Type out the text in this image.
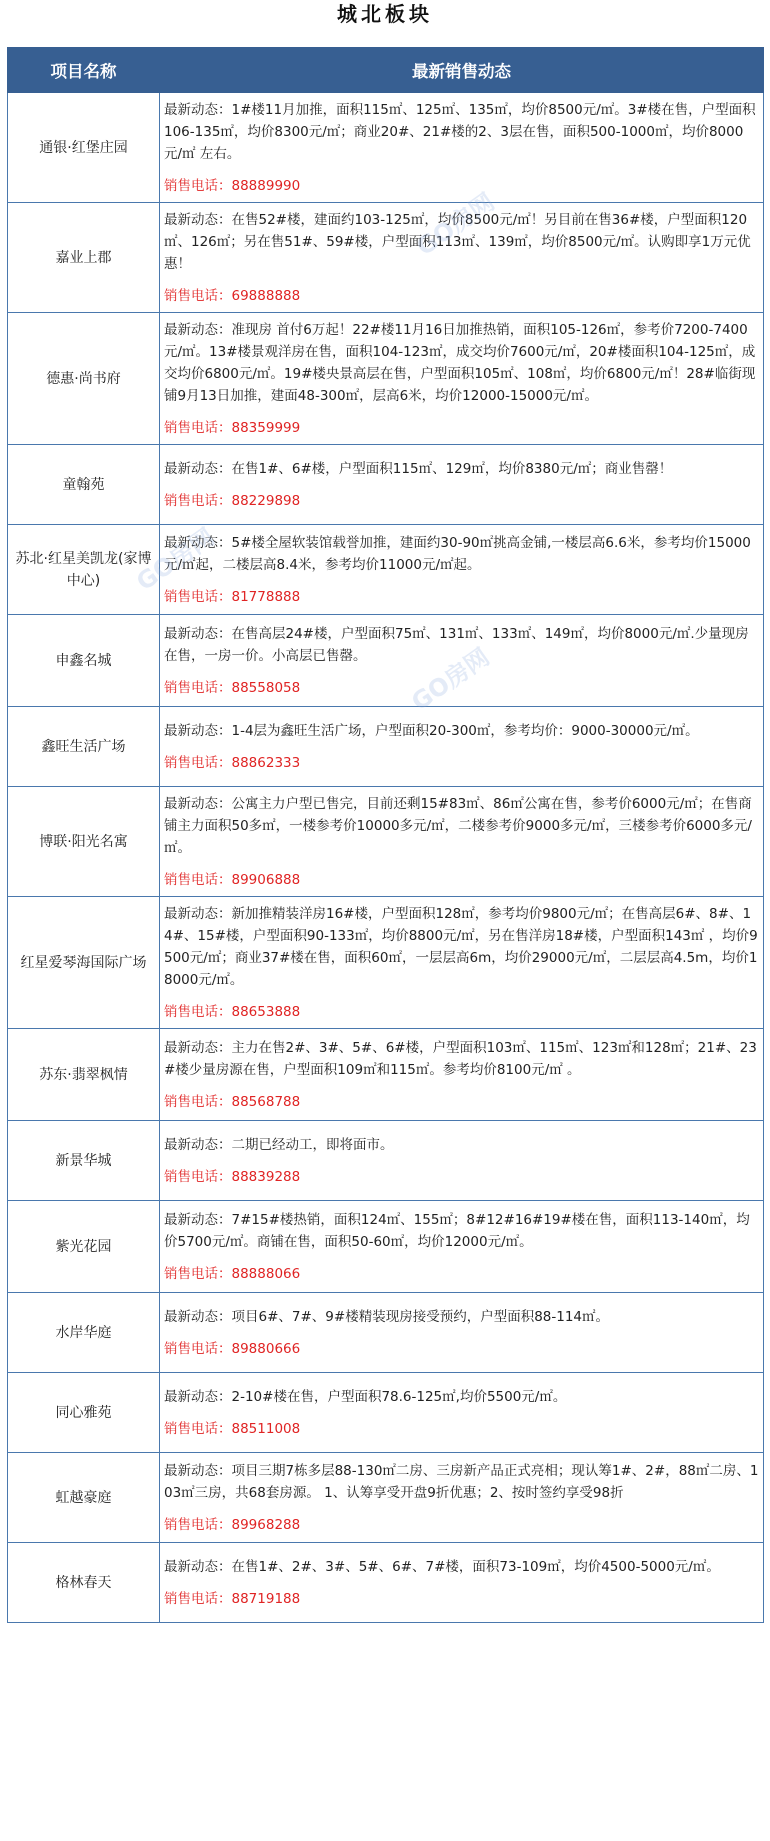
城北板块
项目名称	最新销售动态
通银·红堡庄园	最新动态：1#楼11月加推，面积115㎡、125㎡、135㎡，均价8500元/㎡。3#楼在售，户型面积106-135㎡，均价8300元/㎡；商业20#、21#楼的2、3层在售，面积500-1000㎡，均价8000元/㎡ 左右。
销售电话：88889990

嘉业上郡	最新动态：在售52#楼，建面约103-125㎡，均价8500元/㎡！另目前在售36#楼，户型面积120㎡、126㎡；另在售51#、59#楼，户型面积113㎡、139㎡，均价8500元/㎡。认购即享1万元优惠！
销售电话：69888888

德惠·尚书府	最新动态：准现房 首付6万起！22#楼11月16日加推热销，面积105-126㎡，参考价7200-7400元/㎡。13#楼景观洋房在售，面积104-123㎡，成交均价7600元/㎡，20#楼面积104-125㎡，成交均价6800元/㎡。19#楼央景高层在售，户型面积105㎡、108㎡，均价6800元/㎡！28#临街现铺9月13日加推，建面48-300㎡，层高6米，均价12000-15000元/㎡。
销售电话：88359999

童翰苑	最新动态：在售1#、6#楼，户型面积115㎡、129㎡，均价8380元/㎡；商业售罄！
销售电话：88229898

苏北·红星美凯龙(家博中心)	最新动态：5#楼全屋软装馆载誉加推，建面约30-90㎡挑高金铺,一楼层高6.6米，参考均价15000元/㎡起，二楼层高8.4米，参考均价11000元/㎡起。
销售电话：81778888

申鑫名城	最新动态：在售高层24#楼，户型面积75㎡、131㎡、133㎡、149㎡，均价8000元/㎡.少量现房在售，一房一价。小高层已售罄。
销售电话：88558058

鑫旺生活广场	最新动态：1-4层为鑫旺生活广场，户型面积20-300㎡，参考均价：9000-30000元/㎡。
销售电话：88862333

博联·阳光名寓	最新动态：公寓主力户型已售完，目前还剩15#83㎡、86㎡公寓在售，参考价6000元/㎡；在售商铺主力面积50多㎡，一楼参考价10000多元/㎡，二楼参考价9000多元/㎡，三楼参考价6000多元/㎡。
销售电话：89906888

红星爱琴海国际广场	最新动态：新加推精装洋房16#楼，户型面积128㎡，参考均价9800元/㎡；在售高层6#、8#、14#、15#楼，户型面积90-133㎡，均价8800元/㎡，另在售洋房18#楼，户型面积143㎡ ，均价9500元/㎡；商业37#楼在售，面积60㎡，一层层高6m，均价29000元/㎡，二层层高4.5m，均价18000元/㎡。
销售电话：88653888

苏东·翡翠枫情	最新动态：主力在售2#、3#、5#、6#楼，户型面积103㎡、115㎡、123㎡和128㎡；21#、23#楼少量房源在售，户型面积109㎡和115㎡。参考均价8100元/㎡ 。
销售电话：88568788

新景华城	最新动态：二期已经动工，即将面市。
销售电话：88839288

紫光花园	最新动态：7#15#楼热销，面积124㎡、155㎡；8#12#16#19#楼在售，面积113-140㎡，均价5700元/㎡。商铺在售，面积50-60㎡，均价12000元/㎡。
销售电话：88888066

水岸华庭	最新动态：项目6#、7#、9#楼精装现房接受预约，户型面积88-114㎡。
销售电话：89880666

同心雅苑	最新动态：2-10#楼在售，户型面积78.6-125㎡,均价5500元/㎡。
销售电话：88511008

虹越豪庭	最新动态：项目三期7栋多层88-130㎡二房、三房新产品正式亮相；现认筹1#、2#，88㎡二房、103㎡三房，共68套房源。 1、认筹享受开盘9折优惠；2、按时签约享受98折
销售电话：89968288

格林春天	最新动态：在售1#、2#、3#、5#、6#、7#楼，面积73-109㎡，均价4500-5000元/㎡。
销售电话：88719188
GO房网
GO房网
GO房网
